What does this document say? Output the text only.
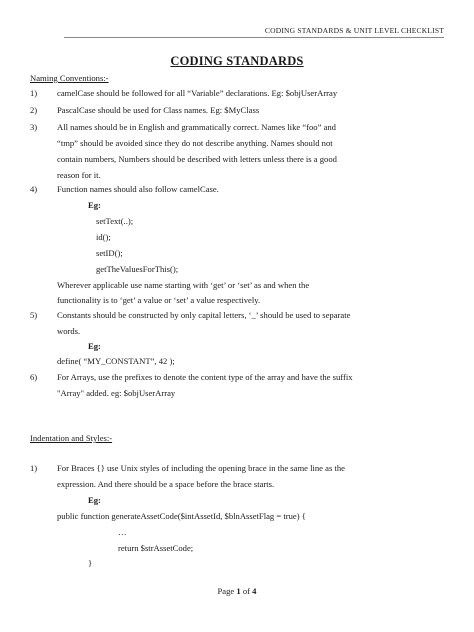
CODING STANDARDS & UNIT LEVEL CHECKLIST
CODING STANDARDS
Naming Conventions:-
1) camelCase should be followed for all “Variable” declarations. Eg: $objUserArray
2) PascalCase should be used for Class names. Eg: $MyClass
3) All names should be in English and grammatically correct. Names like “foo” and
“tmp” should be avoided since they do not describe anything. Names should not
contain numbers, Numbers should be described with letters unless there is a good
reason for it.
4) Function names should also follow camelCase.
Eg:
setText(..);
id();
setID();
getTheValuesForThis();
Wherever applicable use name starting with ‘get’ or ‘set’ as and when the
functionality is to ‘get’ a value or ‘set’ a value respectively.
5) Constants should be constructed by only capital letters, ‘_’ should be used to separate
words.
Eg:
define( “MY_CONSTANT”, 42 );
6) For Arrays, use the prefixes to denote the content type of the array and have the suffix
"Array" added. eg: $objUserArray
Indentation and Styles:-
1) For Braces {} use Unix styles of including the opening brace in the same line as the
expression. And there should be a space before the brace starts.
Eg:
public function generateAssetCode($intAssetId, $blnAssetFlag = true) {
…
return $strAssetCode;
}
Page 1 of 4
